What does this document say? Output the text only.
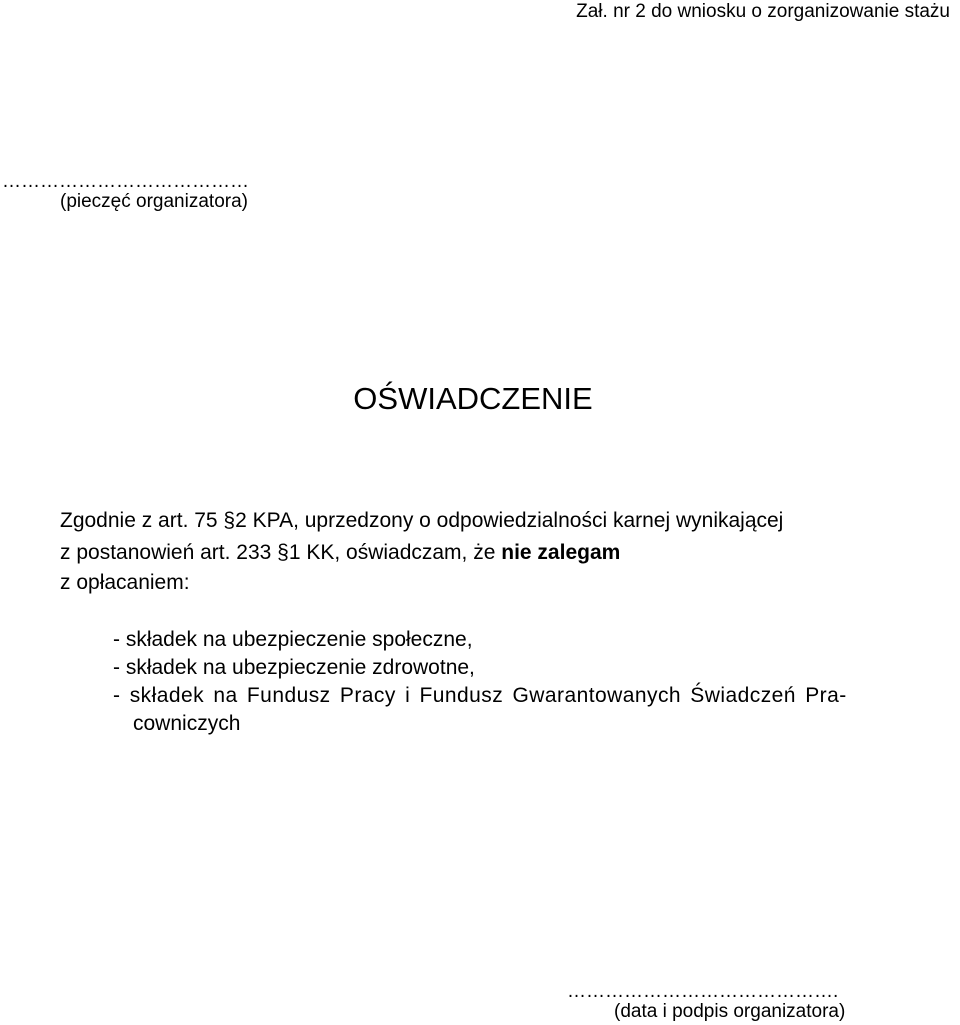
Zał. nr 2 do wniosku o zorganizowanie stażu
…………………………………
(pieczęć organizatora)
OŚWIADCZENIE
Zgodnie z art. 75 §2 KPA, uprzedzony o odpowiedzialności karnej wynikającej
z postanowień art. 233 §1 KK, oświadczam, że nie zalegam
z opłacaniem:
- składek na ubezpieczenie społeczne,
- składek na ubezpieczenie zdrowotne,
- składek na Fundusz Pracy i Fundusz Gwarantowanych Świadczeń Pra-
cowniczych
…………………………………….
(data i podpis organizatora)
